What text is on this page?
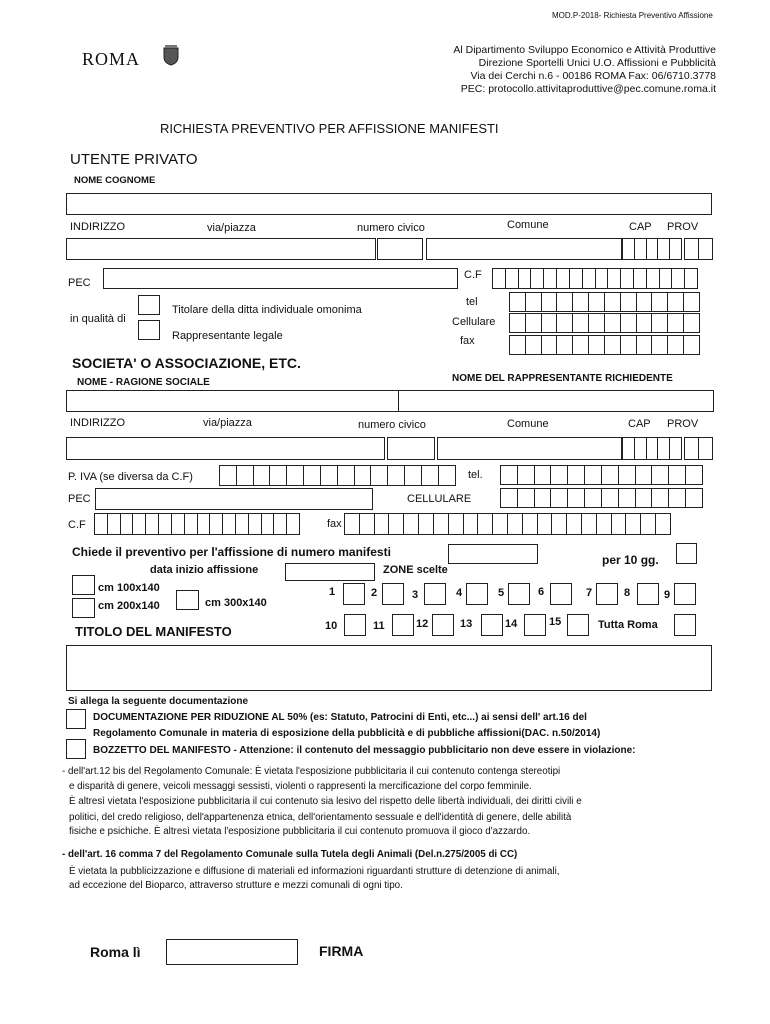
MOD.P-2018- Richiesta Preventivo Affissione
ROMA	Al Dipartimento Sviluppo Economico e Attività Produttive
Direzione Sportelli Unici U.O. Affissioni e Pubblicità
Via dei Cerchi n.6 - 00186 ROMA Fax: 06/6710.3778
PEC: protocollo.attivitaproduttive@pec.comune.roma.it
RICHIESTA PREVENTIVO PER AFFISSIONE MANIFESTI
UTENTE PRIVATO
NOME COGNOME
INDIRIZZO	via/piazza	numero civico	Comune	CAP PROV
PEC
C.F
in qualità di
Titolare della ditta individuale omonima
Rappresentante legale
tel
Cellulare
fax
SOCIETA' O ASSOCIAZIONE, ETC.
NOME - RAGIONE SOCIALE	NOME DEL RAPPRESENTANTE RICHIEDENTE
INDIRIZZO	via/piazza	numero civico	Comune	CAP PROV
P. IVA (se diversa da C.F)	tel.
PEC	CELLULARE
C.F	fax
Chiede il preventivo per l'affissione di numero manifesti
per 10 gg.
data inizio affissione	ZONE scelte
cm 100x140
cm 200x140	cm 300x140
TITOLO DEL MANIFESTO
1	2	3	4	5	6	7	8	9
10	11	12	13	14	15	Tutta Roma
Si allega la seguente documentazione
DOCUMENTAZIONE PER RIDUZIONE AL 50% (es: Statuto, Patrocini di Enti, etc...) ai sensi dell' art.16 del
Regolamento Comunale in materia di esposizione della pubblicità e di pubbliche affissioni(DAC. n.50/2014)
BOZZETTO DEL MANIFESTO - Attenzione: il contenuto del messaggio pubblicitario non deve essere in violazione:
- dell'art.12 bis del Regolamento Comunale: È vietata l'esposizione pubblicitaria il cui contenuto contenga stereotipi
e disparità di genere, veicoli messaggi sessisti, violenti o rappresenti la mercificazione del corpo femminile.
È altresì vietata l'esposizione pubblicitaria il cui contenuto sia lesivo del rispetto delle libertà individuali, dei diritti civili e
politici, del credo religioso, dell'appartenenza etnica, dell'orientamento sessuale e dell'identità di genere, delle abilità
fisiche e psichiche. È altresì vietata l'esposizione pubblicitaria il cui contenuto promuova il gioco d'azzardo.
- dell'art. 16 comma 7 del Regolamento Comunale sulla Tutela degli Animali (Del.n.275/2005 di CC)
È vietata la pubblicizzazione e diffusione di materiali ed informazioni riguardanti strutture di detenzione di animali,
ad eccezione del Bioparco, attraverso strutture e mezzi comunali di ogni tipo.
Roma lì	FIRMA
